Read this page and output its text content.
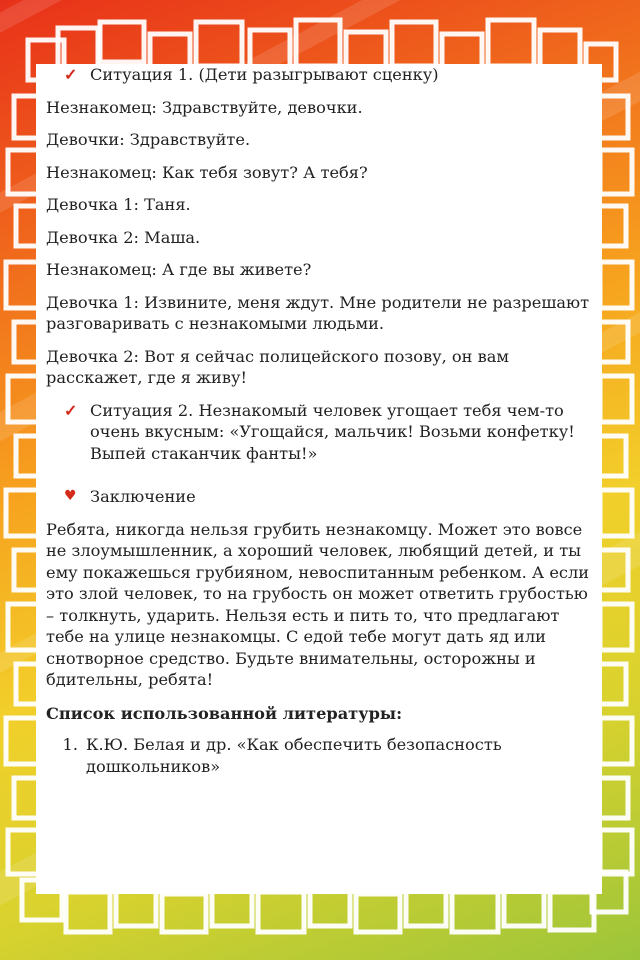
✓ Ситуация 1. (Дети разыгрывают сценку)

Незнакомец: Здравствуйте, девочки.

Девочки: Здравствуйте.

Незнакомец: Как тебя зовут? А тебя?

Девочка 1: Таня.

Девочка 2: Маша.

Незнакомец: А где вы живете?

Девочка 1: Извините, меня ждут. Мне родители не разрешают разговаривать с незнакомыми людьми.

Девочка 2: Вот я сейчас полицейского позову, он вам расскажет, где я живу!

✓ Ситуация 2. Незнакомый человек угощает тебя чем-то очень вкусным: «Угощайся, мальчик! Возьми конфетку! Выпей стаканчик фанты!»
♥ Заключение

Ребята, никогда нельзя грубить незнакомцу. Может это вовсе не злоумышленник, а хороший человек, любящий детей, и ты ему покажешься грубияном, невоспитанным ребенком. А если это злой человек, то на грубость он может ответить грубостью – толкнуть, ударить. Нельзя есть и пить то, что предлагают тебе на улице незнакомцы. С едой тебе могут дать яд или снотворное средство. Будьте внимательны, осторожны и бдительны, ребята!

Список использованной литературы:

1. К.Ю. Белая и др. «Как обеспечить безопасность дошкольников»
